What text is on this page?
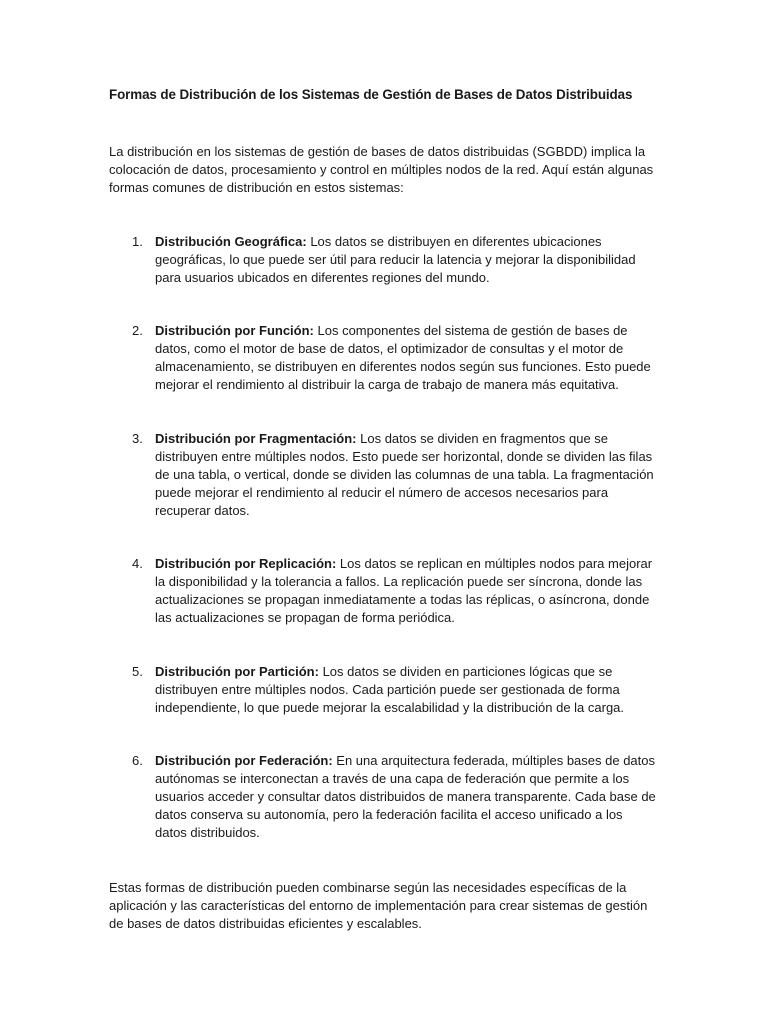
Formas de Distribución de los Sistemas de Gestión de Bases de Datos Distribuidas
La distribución en los sistemas de gestión de bases de datos distribuidas (SGBDD) implica la colocación de datos, procesamiento y control en múltiples nodos de la red. Aquí están algunas formas comunes de distribución en estos sistemas:
1. Distribución Geográfica: Los datos se distribuyen en diferentes ubicaciones geográficas, lo que puede ser útil para reducir la latencia y mejorar la disponibilidad para usuarios ubicados en diferentes regiones del mundo.
2. Distribución por Función: Los componentes del sistema de gestión de bases de datos, como el motor de base de datos, el optimizador de consultas y el motor de almacenamiento, se distribuyen en diferentes nodos según sus funciones. Esto puede mejorar el rendimiento al distribuir la carga de trabajo de manera más equitativa.
3. Distribución por Fragmentación: Los datos se dividen en fragmentos que se distribuyen entre múltiples nodos. Esto puede ser horizontal, donde se dividen las filas de una tabla, o vertical, donde se dividen las columnas de una tabla. La fragmentación puede mejorar el rendimiento al reducir el número de accesos necesarios para recuperar datos.
4. Distribución por Replicación: Los datos se replican en múltiples nodos para mejorar la disponibilidad y la tolerancia a fallos. La replicación puede ser síncrona, donde las actualizaciones se propagan inmediatamente a todas las réplicas, o asíncrona, donde las actualizaciones se propagan de forma periódica.
5. Distribución por Partición: Los datos se dividen en particiones lógicas que se distribuyen entre múltiples nodos. Cada partición puede ser gestionada de forma independiente, lo que puede mejorar la escalabilidad y la distribución de la carga.
6. Distribución por Federación: En una arquitectura federada, múltiples bases de datos autónomas se interconectan a través de una capa de federación que permite a los usuarios acceder y consultar datos distribuidos de manera transparente. Cada base de datos conserva su autonomía, pero la federación facilita el acceso unificado a los datos distribuidos.
Estas formas de distribución pueden combinarse según las necesidades específicas de la aplicación y las características del entorno de implementación para crear sistemas de gestión de bases de datos distribuidas eficientes y escalables.
